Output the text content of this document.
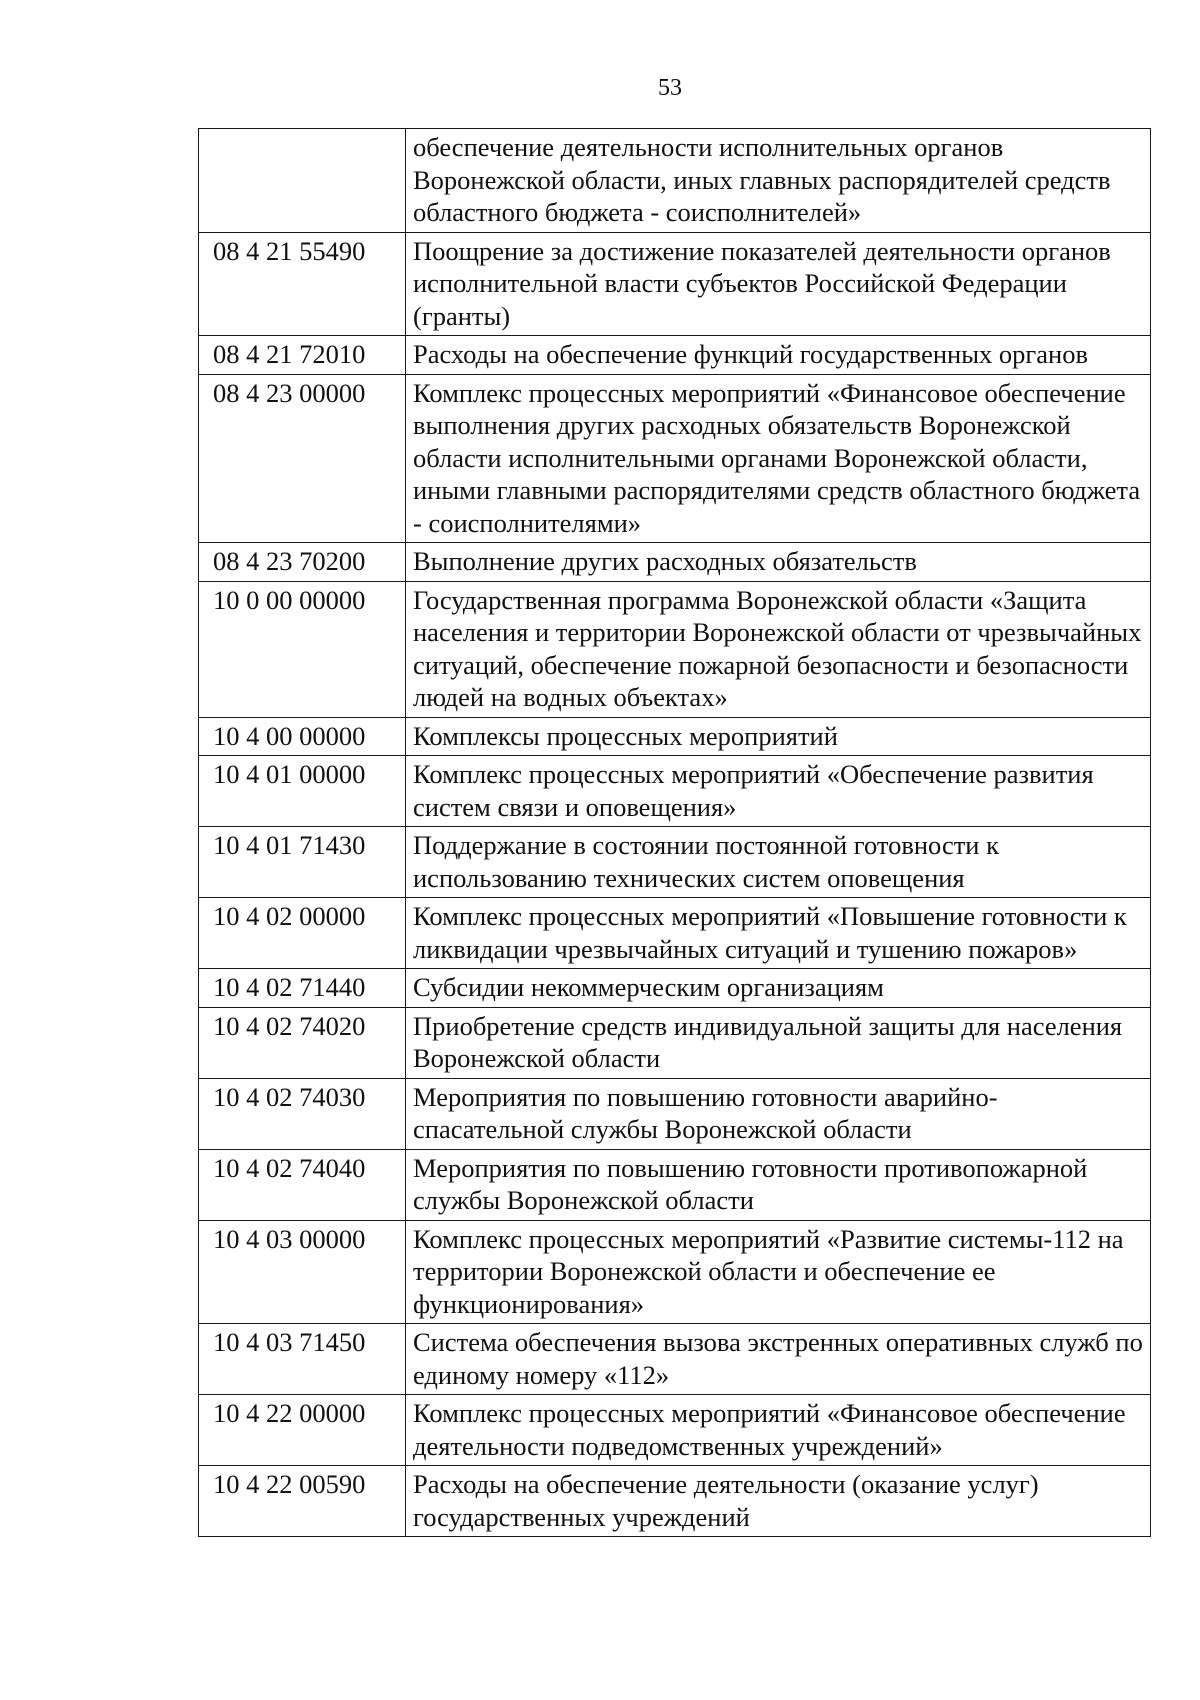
53
	обеспечение деятельности исполнительных органов Воронежской области, иных главных распорядителей средств областного бюджета - соисполнителей»
08 4 21 55490	Поощрение за достижение показателей деятельности органов исполнительной власти субъектов Российской Федерации (гранты)
08 4 21 72010	Расходы на обеспечение функций государственных органов
08 4 23 00000	Комплекс процессных мероприятий «Финансовое обеспечение выполнения других расходных обязательств Воронежской области исполнительными органами Воронежской области, иными главными распорядителями средств областного бюджета - соисполнителями»
08 4 23 70200	Выполнение других расходных обязательств
10 0 00 00000	Государственная программа Воронежской области «Защита населения и территории Воронежской области от чрезвычайных ситуаций, обеспечение пожарной безопасности и безопасности людей на водных объектах»
10 4 00 00000	Комплексы процессных мероприятий
10 4 01 00000	Комплекс процессных мероприятий «Обеспечение развития систем связи и оповещения»
10 4 01 71430	Поддержание в состоянии постоянной готовности к использованию технических систем оповещения
10 4 02 00000	Комплекс процессных мероприятий «Повышение готовности к ликвидации чрезвычайных ситуаций и тушению пожаров»
10 4 02 71440	Субсидии некоммерческим организациям
10 4 02 74020	Приобретение средств индивидуальной защиты для населения Воронежской области
10 4 02 74030	Мероприятия по повышению готовности аварийно-спасательной службы Воронежской области
10 4 02 74040	Мероприятия по повышению готовности противопожарной службы Воронежской области
10 4 03 00000	Комплекс процессных мероприятий «Развитие системы-112 на территории Воронежской области и обеспечение ее функционирования»
10 4 03 71450	Система обеспечения вызова экстренных оперативных служб по единому номеру «112»
10 4 22 00000	Комплекс процессных мероприятий «Финансовое обеспечение деятельности подведомственных учреждений»
10 4 22 00590	Расходы на обеспечение деятельности (оказание услуг) государственных учреждений
